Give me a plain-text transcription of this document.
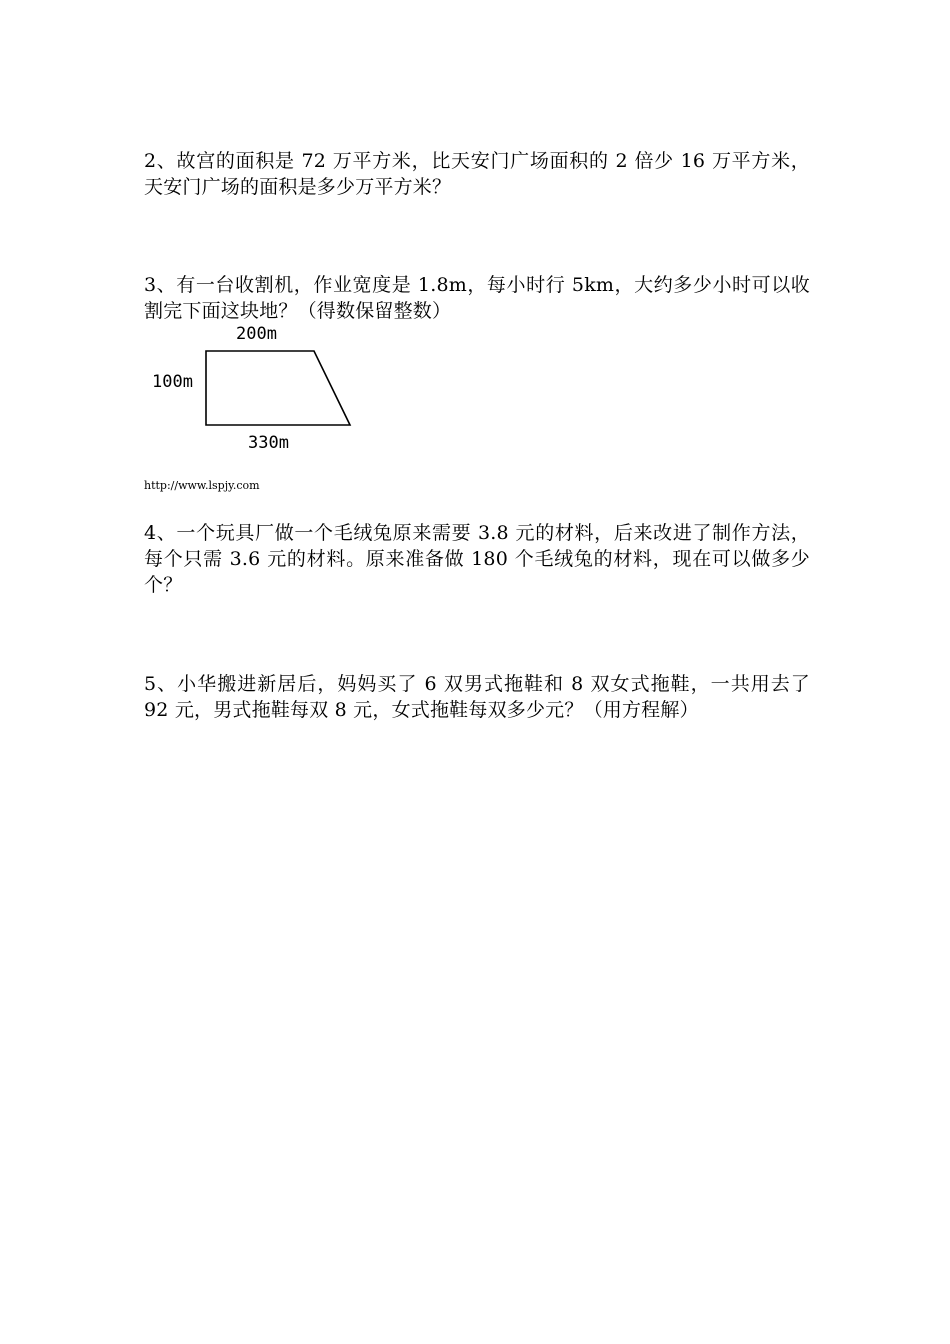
2、故宫的面积是 72 万平方米，比天安门广场面积的 2 倍少 16 万平方米，天安门广场的面积是多少万平方米？

3、有一台收割机，作业宽度是 1.8m，每小时行 5km，大约多少小时可以收割完下面这块地？（得数保留整数）

200m
100m
330m
http://www.lspjy.com

4、一个玩具厂做一个毛绒兔原来需要 3.8 元的材料，后来改进了制作方法，每个只需 3.6 元的材料。原来准备做 180 个毛绒兔的材料，现在可以做多少个？

5、小华搬进新居后，妈妈买了 6 双男式拖鞋和 8 双女式拖鞋，一共用去了 92 元，男式拖鞋每双 8 元，女式拖鞋每双多少元？（用方程解）
